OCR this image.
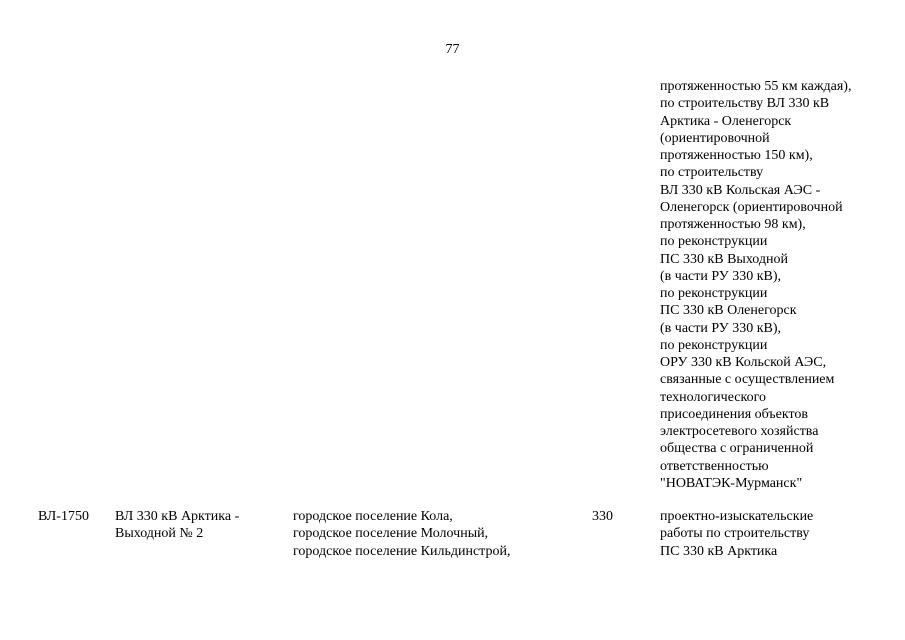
77
протяженностью 55 км каждая),
по строительству ВЛ 330 кВ
Арктика - Оленегорск
(ориентировочной
протяженностью 150 км),
по строительству
ВЛ 330 кВ Кольская АЭС -
Оленегорск (ориентировочной
протяженностью 98 км),
по реконструкции
ПС 330 кВ Выходной
(в части РУ 330 кВ),
по реконструкции
ПС 330 кВ Оленегорск
(в части РУ 330 кВ),
по реконструкции
ОРУ 330 кВ Кольской АЭС,
связанные с осуществлением
технологического
присоединения объектов
электросетевого хозяйства
общества с ограниченной
ответственностью
"НОВАТЭК-Мурманск"
ВЛ-1750 ВЛ 330 кВ Арктика -
Выходной № 2
городское поселение Кола,
городское поселение Молочный,
городское поселение Кильдинстрой,
330	проектно-изыскательские
работы по строительству
ПС 330 кВ Арктика
